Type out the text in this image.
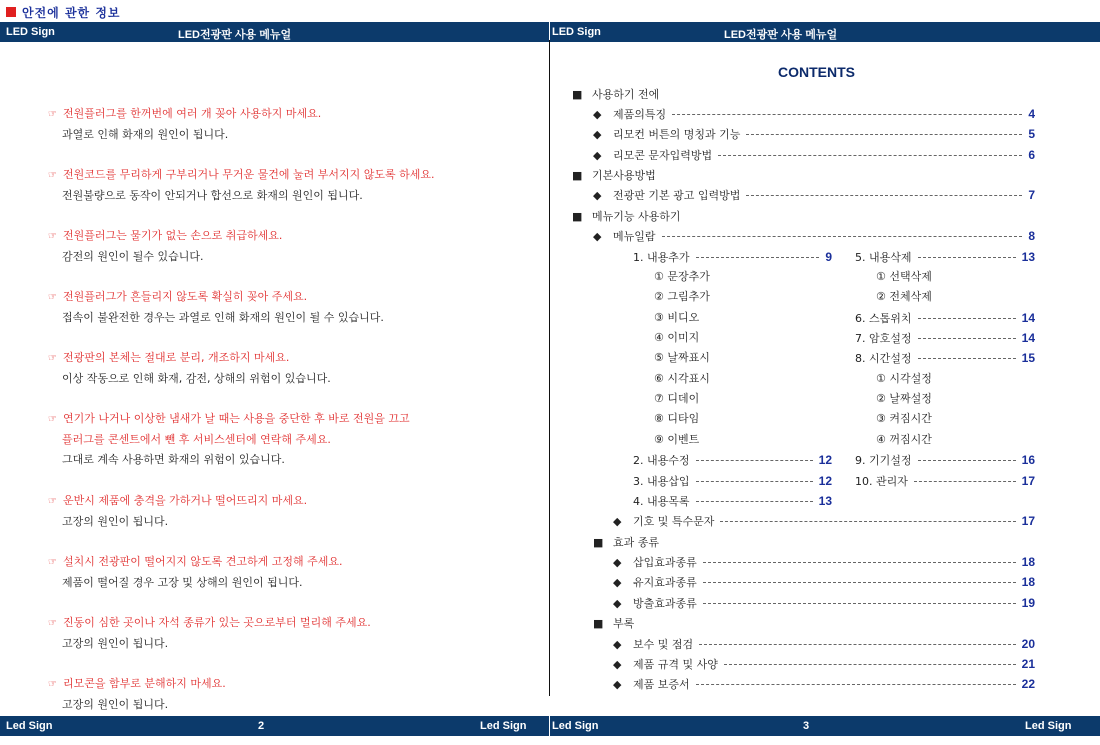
안전에 관한 정보
LED Sign	LED전광판 사용 메뉴얼	LED Sign	LED전광판 사용 메뉴얼
☞ 전원플러그를 한꺼번에 여러 개 꽂아 사용하지 마세요.
과열로 인해 화재의 원인이 됩니다.
☞ 전원코드를 무리하게 구부리거나 무거운 물건에 눌려 부서지지 않도록 하세요.
전원불량으로 동작이 안되거나 합선으로 화재의 원인이 됩니다.
☞ 전원플러그는 물기가 없는 손으로 취급하세요.
감전의 원인이 될수 있습니다.
☞ 전원플러그가 흔들리지 않도록 확실히 꽂아 주세요.
접속이 불완전한 경우는 과열로 인해 화재의 원인이 될 수 있습니다.
☞ 전광판의 본체는 절대로 분리, 개조하지 마세요.
이상 작동으로 인해 화재, 감전, 상해의 위험이 있습니다.
☞ 연기가 나거나 이상한 냄새가 날 때는 사용을 중단한 후 바로 전원을 끄고
플러그를 콘센트에서 뺀 후 서비스센터에 연락해 주세요.
그대로 계속 사용하면 화재의 위험이 있습니다.
☞ 운반시 제품에 충격을 가하거나 떨어뜨리지 마세요.
고장의 원인이 됩니다.
☞ 설치시 전광판이 떨어지지 않도록 견고하게 고정해 주세요.
제품이 떨어질 경우 고장 및 상해의 원인이 됩니다.
☞ 진동이 심한 곳이나 자석 종류가 있는 곳으로부터 멀리해 주세요.
고장의 원인이 됩니다.
☞ 리모콘을 함부로 분해하지 마세요.
고장의 원인이 됩니다.
CONTENTS
■ 사용하기 전에
◆	제품의특징	4
◆	리모컨 버튼의 명칭과 기능	5
◆	리모콘 문자입력방법	6
■ 기본사용방법
◆	전광판 기본 광고 입력방법	7
■ 메뉴기능 사용하기
◆	메뉴일람	8
1. 내용추가	9
① 문장추가
② 그림추가
③ 비디오
④ 이미지
⑤ 날짜표시
⑥ 시각표시
⑦ 디데이
⑧ 디타임
⑨ 이벤트
2. 내용수정	12
3. 내용삽입	12
4. 내용목록	13
5. 내용삭제	13
① 선택삭제
② 전체삭제
6. 스톱위치	14
7. 암호설정	14
8. 시간설정	15
① 시각설정
② 날짜설정
③ 켜짐시간
④ 꺼짐시간
9. 기기설정	16
10. 관리자	17
◆	기호 및 특수문자	17
■ 효과 종류
◆	삽입효과종류	18
◆	유지효과종류	18
◆	방출효과종류	19
■ 부록
◆	보수 및 점검	20
◆	제품 규격 및 사양	21
◆	제품 보증서	22
Led Sign	2	Led Sign Led Sign	3	Led Sign
